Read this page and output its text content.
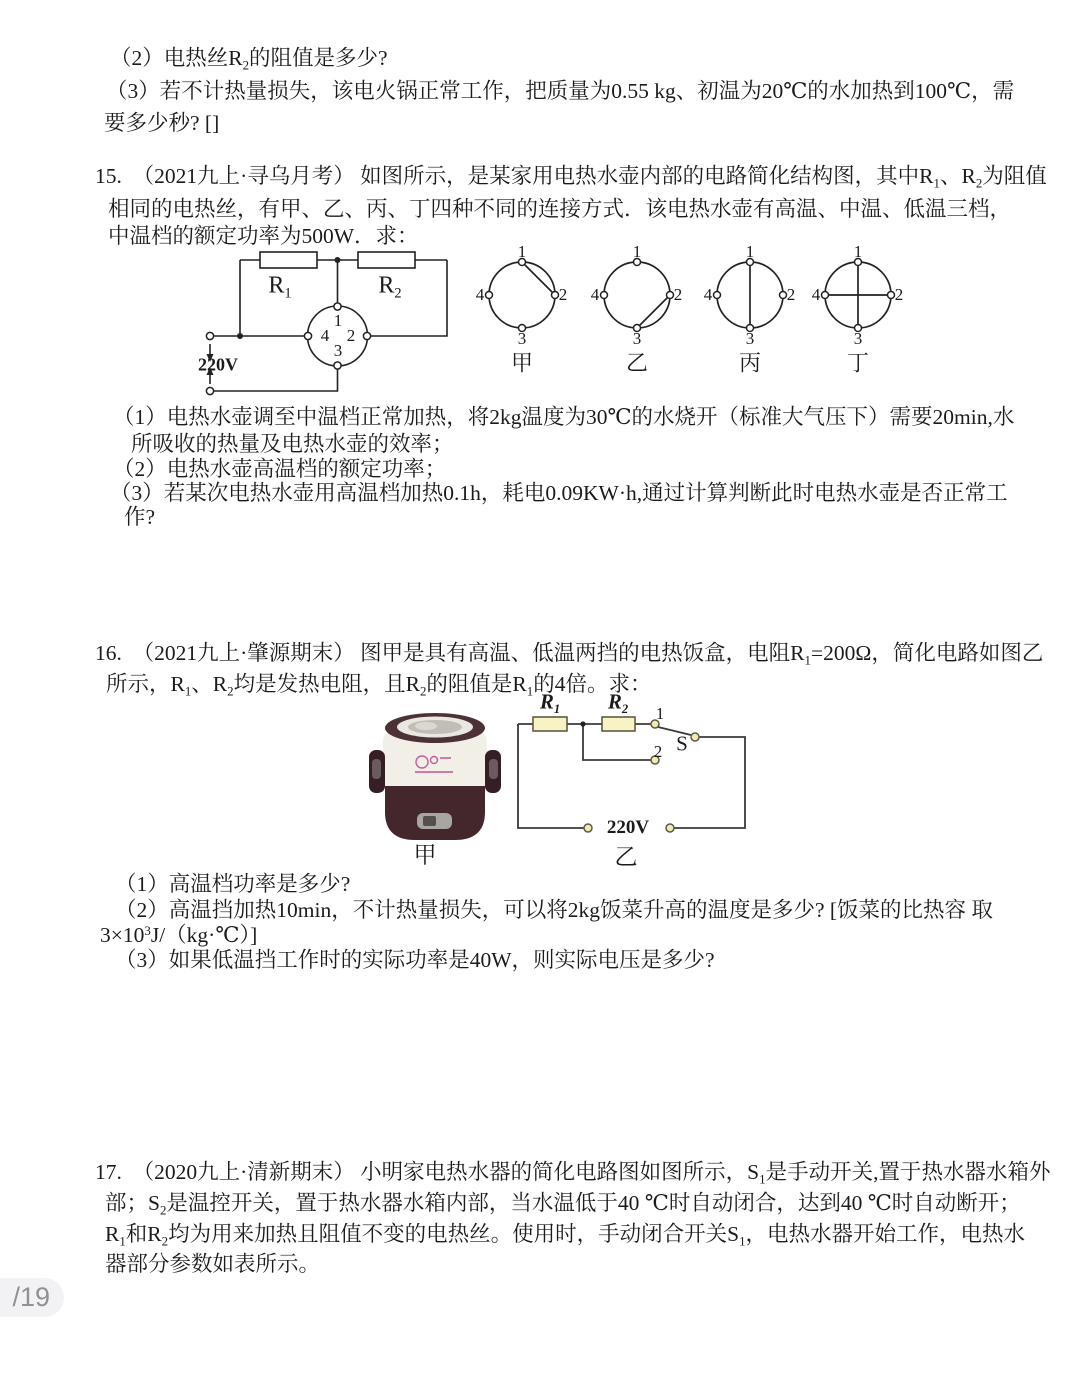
（2）电热丝$R_2$的阻值是多少?
（3）若不计热量损失，该电火锅正常工作，把质量为0.55 kg、初温为20℃的水加热到100℃，需
要多少秒? []
15.　（2021九上·寻乌月考） 如图所示，是某家用电热水壶内部的电路简化结构图，其中$R_1$、$R_2$为阻值
相同的电热丝，有甲、乙、丙、丁四种不同的连接方式．该电热水壶有高温、中温、低温三档，
中温档的额定功率为500W．求：
$R_1$	$R_2$
220V
1
4 2
3
1
4	2
3
甲
1
4	2
3
乙
1
4	2
3
丙
1
4	2
3
丁
（1）电热水壶调至中温档正常加热，将2kg温度为30℃的水烧开（标准大气压下）需要20min,水
所吸收的热量及电热水壶的效率；
（2）电热水壶高温档的额定功率；
（3）若某次电热水壶用高温档加热0.1h，耗电0.09KW·h,通过计算判断此时电热水壶是否正常工
作?
16.　（2021九上·肇源期末） 图甲是具有高温、低温两挡的电热饭盒，电阻$R_1=200\Omega$，简化电路如图乙
所示，$R_1$、$R_2$均是发热电阻，且$R_2$的阻值是$R_1$的4倍。求：
甲
$R_1$ $R_2$ 1
2 S
220V
乙
（1）高温档功率是多少?
（2）高温挡加热10min，不计热量损失，可以将2kg饭菜升高的温度是多少? [饭菜的比热容 取
$3\times 10^3J/(kg\cdot℃)$]
（3）如果低温挡工作时的实际功率是40W，则实际电压是多少?
17.　（2020九上·清新期末） 小明家电热水器的简化电路图如图所示，$S_1$是手动开关,置于热水器水箱外
部；$S_2$是温控开关，置于热水器水箱内部，当水温低于40 ℃时自动闭合，达到40 ℃时自动断开；
$R_1$和$R_2$均为用来加热且阻值不变的电热丝。使用时，手动闭合开关$S_1$，电热水器开始工作，电热水
器部分参数如表所示。
/19
